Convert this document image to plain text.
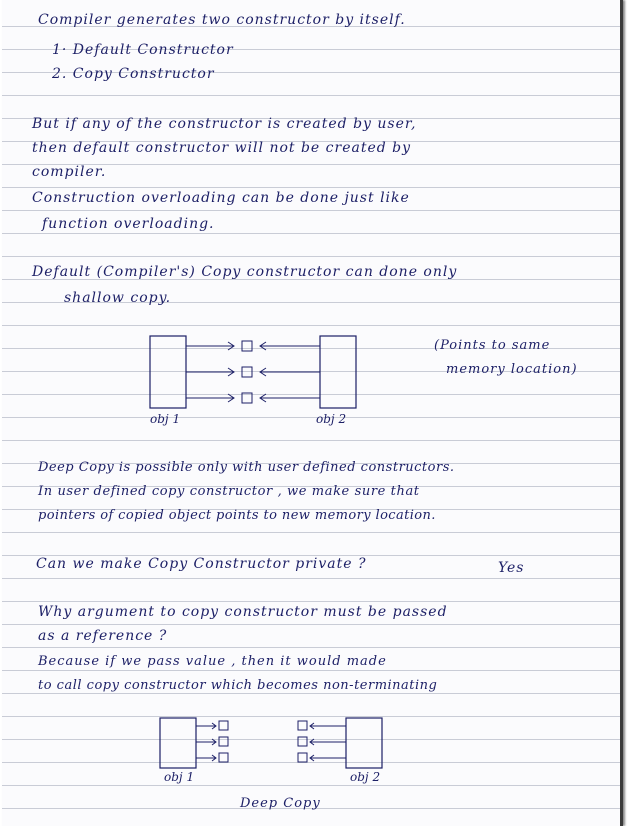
Compiler generates two constructor by itself.
1· Default Constructor
2. Copy Constructor
But if any of the constructor is created by user,
then default constructor will not be created by
compiler.
Construction overloading can be done just like
function overloading.
Default (Compiler's) Copy constructor can done only
shallow copy.
obj 1	obj 2
(Points to same
memory location)
Deep Copy is possible only with user defined constructors.
In user defined copy constructor , we make sure that
pointers of copied object points to new memory location.
Can we make Copy Constructor private ?	Yes
Why argument to copy constructor must be passed
as a reference ?
Because if we pass value , then it would made
to call copy constructor which becomes non-terminating
obj 1	obj 2
Deep Copy
